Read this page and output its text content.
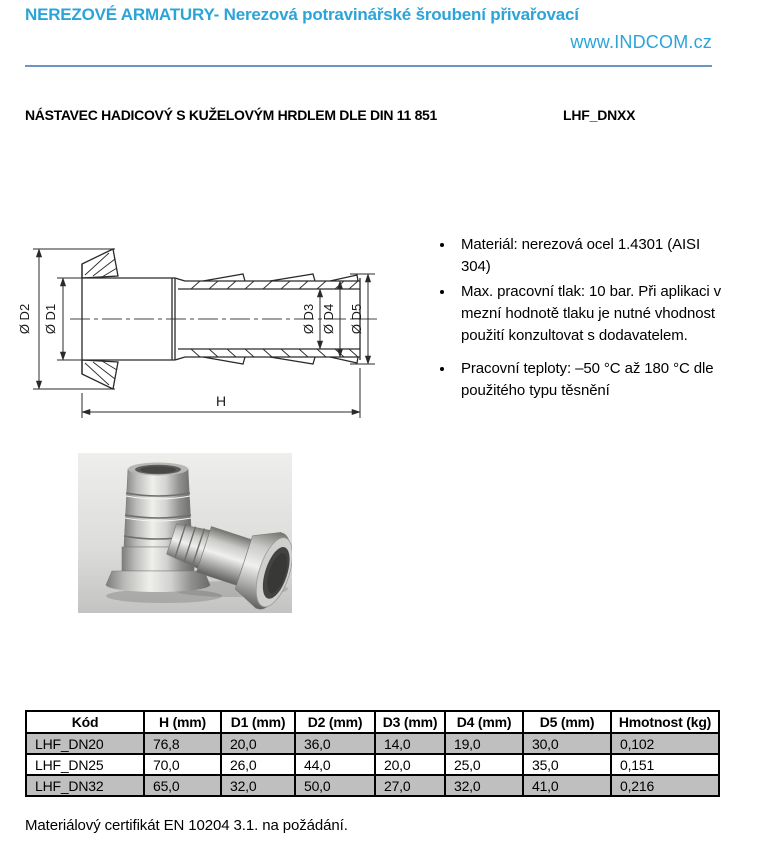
NEREZOVÉ ARMATURY- Nerezová potravinářské šroubení přivařovací
www.INDCOM.cz
NÁSTAVEC HADICOVÝ S KUŽELOVÝM HRDLEM DLE DIN 11 851	LHF_DNXX
Ø D2 Ø D1	Ø D3 Ø D4 Ø D5
H
• Materiál: nerezová ocel 1.4301 (AISI 304)
• Max. pracovní tlak: 10 bar. Při aplikaci v mezní hodnotě tlaku je nutné vhodnost použití konzultovat s dodavatelem.
• Pracovní teploty: –50 °C až 180 °C dle použitého typu těsnění
Kód	H (mm)	D1 (mm)	D2 (mm)	D3 (mm)	D4 (mm)	D5 (mm)	Hmotnost (kg)
LHF_DN20	76,8	20,0	36,0	14,0	19,0	30,0	0,102
LHF_DN25	70,0	26,0	44,0	20,0	25,0	35,0	0,151
LHF_DN32	65,0	32,0	50,0	27,0	32,0	41,0	0,216
Materiálový certifikát EN 10204 3.1. na požádání.
